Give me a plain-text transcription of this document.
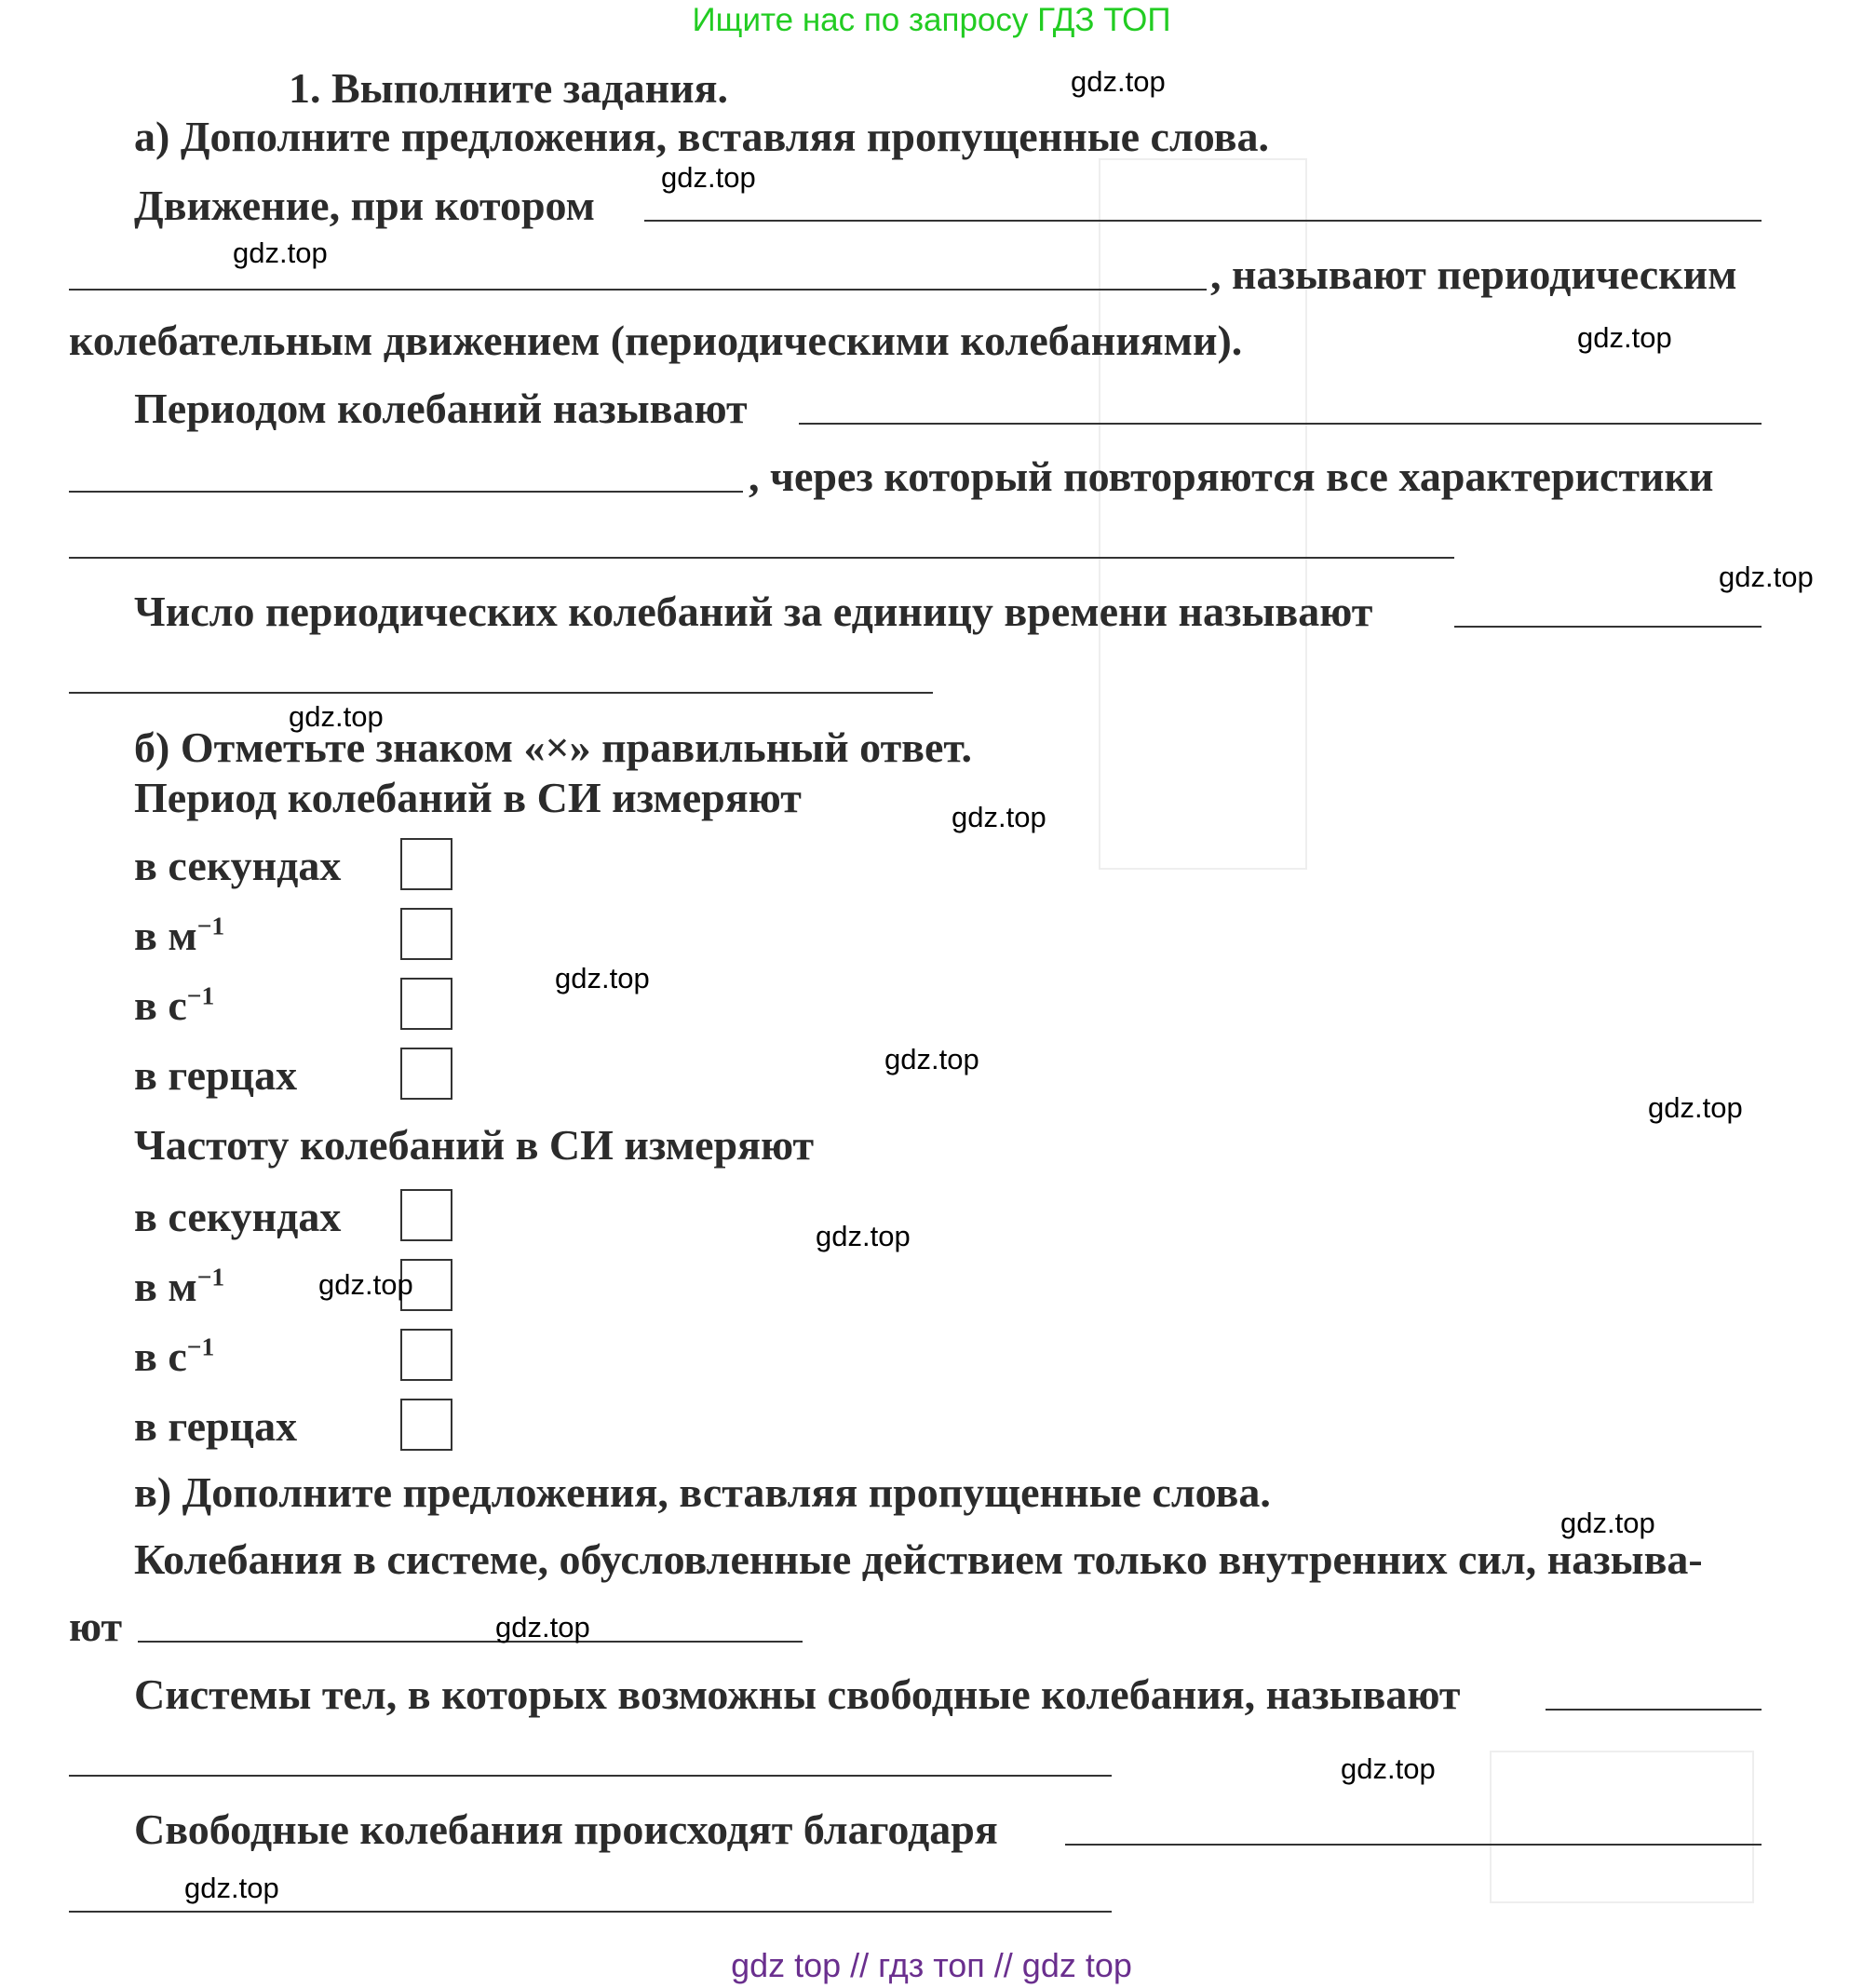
Ищите нас по запросу ГДЗ ТОП
1. Выполните задания.
а) Дополните предложения, вставляя пропущенные слова.
Движение, при котором
, называют периодическим
колебательным движением (периодическими колебаниями).
Периодом колебаний называют
, через который повторяются все характеристики
Число периодических колебаний за единицу времени называют
б) Отметьте знаком «×» правильный ответ.
Период колебаний в СИ измеряют
в секундах
в $м^{-1}$
в $с^{-1}$
в герцах
Частоту колебаний в СИ измеряют
в секундах
в $м^{-1}$
в $с^{-1}$
в герцах
в) Дополните предложения, вставляя пропущенные слова.
Колебания в системе, обусловленные действием только внутренних сил, называ-
ют
Системы тел, в которых возможны свободные колебания, называют
Свободные колебания происходят благодаря
gdz.top
gdz.top
gdz.top
gdz.top
gdz.top
gdz.top
gdz.top
gdz.top
gdz.top
gdz.top
gdz.top
gdz.top
gdz.top
gdz.top
gdz.top
gdz.top
gdz top // гдз топ // gdz top
